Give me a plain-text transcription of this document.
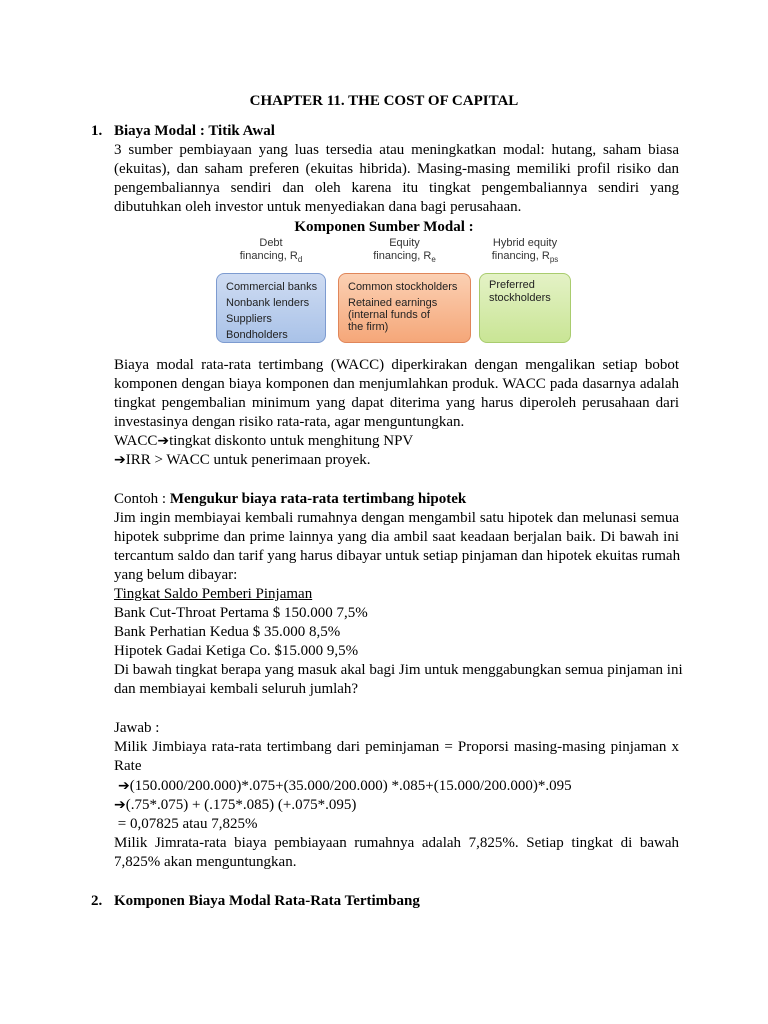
CHAPTER 11. THE COST OF CAPITAL
1. Biaya Modal : Titik Awal
3 sumber pembiayaan yang luas tersedia atau meningkatkan modal: hutang, saham biasa
(ekuitas), dan saham preferen (ekuitas hibrida). Masing-masing memiliki profil risiko dan
pengembaliannya sendiri dan oleh karena itu tingkat pengembaliannya sendiri yang
dibutuhkan oleh investor untuk menyediakan dana bagi perusahaan.
Komponen Sumber Modal :
Debt
financing, $R_d$
Equity
financing, $R_e$
Hybrid equity
financing, $R_{ps}$
Commercial banks
Nonbank lenders
Suppliers
Bondholders
Common stockholders
Retained earnings
(internal funds of
the firm)
Preferred
stockholders
Biaya modal rata-rata tertimbang (WACC) diperkirakan dengan mengalikan setiap bobot
komponen dengan biaya komponen dan menjumlahkan produk. WACC pada dasarnya adalah
tingkat pengembalian minimum yang dapat diterima yang harus diperoleh perusahaan dari
investasinya dengan risiko rata-rata, agar menguntungkan.
WACC➔tingkat diskonto untuk menghitung NPV
➔IRR > WACC untuk penerimaan proyek.
Contoh : Mengukur biaya rata-rata tertimbang hipotek
Jim ingin membiayai kembali rumahnya dengan mengambil satu hipotek dan melunasi semua
hipotek subprime dan prime lainnya yang dia ambil saat keadaan berjalan baik. Di bawah ini
tercantum saldo dan tarif yang harus dibayar untuk setiap pinjaman dan hipotek ekuitas rumah
yang belum dibayar:
Tingkat Saldo Pemberi Pinjaman
Bank Cut-Throat Pertama $ 150.000 7,5%
Bank Perhatian Kedua $ 35.000 8,5%
Hipotek Gadai Ketiga Co. $15.000 9,5%
Di bawah tingkat berapa yang masuk akal bagi Jim untuk menggabungkan semua pinjaman ini
dan membiayai kembali seluruh jumlah?
Jawab :
Milik Jimbiaya rata-rata tertimbang dari peminjaman = Proporsi masing-masing pinjaman x
Rate
➔(150.000/200.000)*.075+(35.000/200.000) *.085+(15.000/200.000)*.095
➔(.75*.075) + (.175*.085) (+.075*.095)
= 0,07825 atau 7,825%
Milik Jimrata-rata biaya pembiayaan rumahnya adalah 7,825%. Setiap tingkat di bawah
7,825% akan menguntungkan.
2. Komponen Biaya Modal Rata-Rata Tertimbang
